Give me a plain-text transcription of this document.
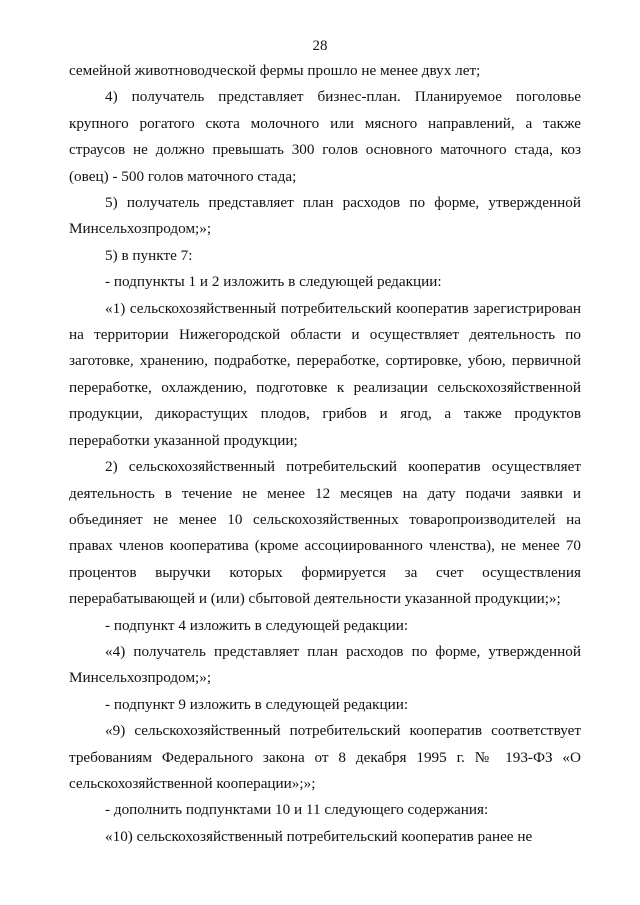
28

семейной животноводческой фермы прошло не менее двух лет;

4) получатель представляет бизнес-план. Планируемое поголовье крупного рогатого скота молочного или мясного направлений, а также страусов не должно превышать 300 голов основного маточного стада, коз (овец) - 500 голов маточного стада;

5) получатель представляет план расходов по форме, утвержденной Минсельхозпродом;»;

5) в пункте 7:

- подпункты 1 и 2 изложить в следующей редакции:

«1) сельскохозяйственный потребительский кооператив зарегистрирован на территории Нижегородской области и осуществляет деятельность по заготовке, хранению, подработке, переработке, сортировке, убою, первичной переработке, охлаждению, подготовке к реализации сельскохозяйственной продукции, дикорастущих плодов, грибов и ягод, а также продуктов переработки указанной продукции;

2) сельскохозяйственный потребительский кооператив осуществляет деятельность в течение не менее 12 месяцев на дату подачи заявки и объединяет не менее 10 сельскохозяйственных товаропроизводителей на правах членов кооператива (кроме ассоциированного членства), не менее 70 процентов выручки которых формируется за счет осуществления перерабатывающей и (или) сбытовой деятельности указанной продукции;»;

- подпункт 4 изложить в следующей редакции:

«4) получатель представляет план расходов по форме, утвержденной Минсельхозпродом;»;

- подпункт 9 изложить в следующей редакции:

«9) сельскохозяйственный потребительский кооператив соответствует требованиям Федерального закона от 8 декабря 1995 г. № 193-ФЗ «О сельскохозяйственной кооперации»;»;

- дополнить подпунктами 10 и 11 следующего содержания:

«10) сельскохозяйственный потребительский кооператив ранее не
